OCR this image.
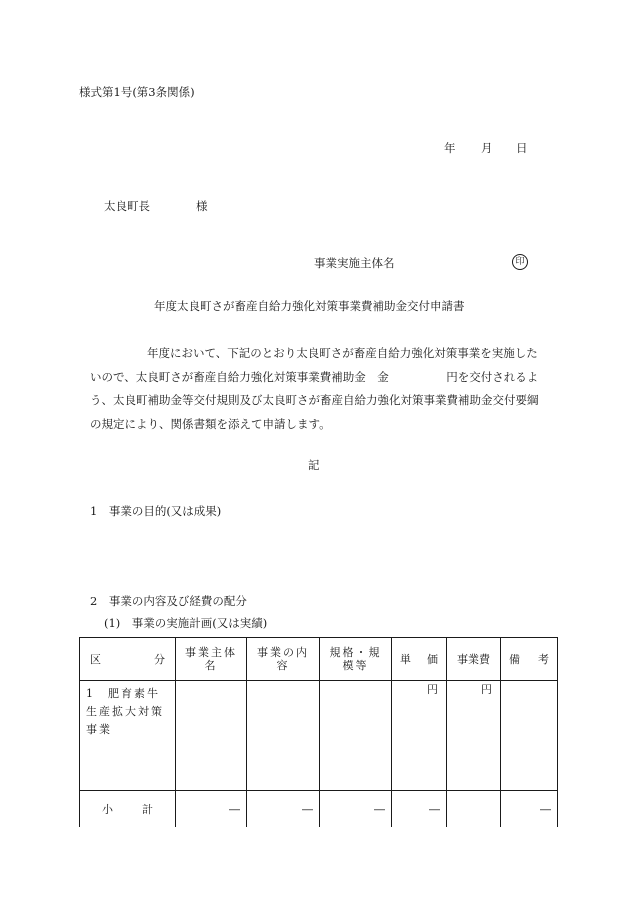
様式第1号(第3条関係)
年 月 日
太良町長	様
事業実施主体名	印
年度太良町さが畜産自給力強化対策事業費補助金交付申請書
年度において、下記のとおり太良町さが畜産自給力強化対策事業を実施した
いので、太良町さが畜産自給力強化対策事業費補助金　金　　　　　円を交付されるよ
う、太良町補助金等交付規則及び太良町さが畜産自給力強化対策事業費補助金交付要綱
の規定により、関係書類を添えて申請します。
記
1　事業の目的(又は成果)
2　事業の内容及び経費の配分
(1)　事業の実施計画(又は実績)
区 分	事業主体名	事業の内容	規格・規模等	単 価	事業費	備 考

1　肥育素牛生産拡大対策事業				円	円	

小 計	―	―	―	―		―
